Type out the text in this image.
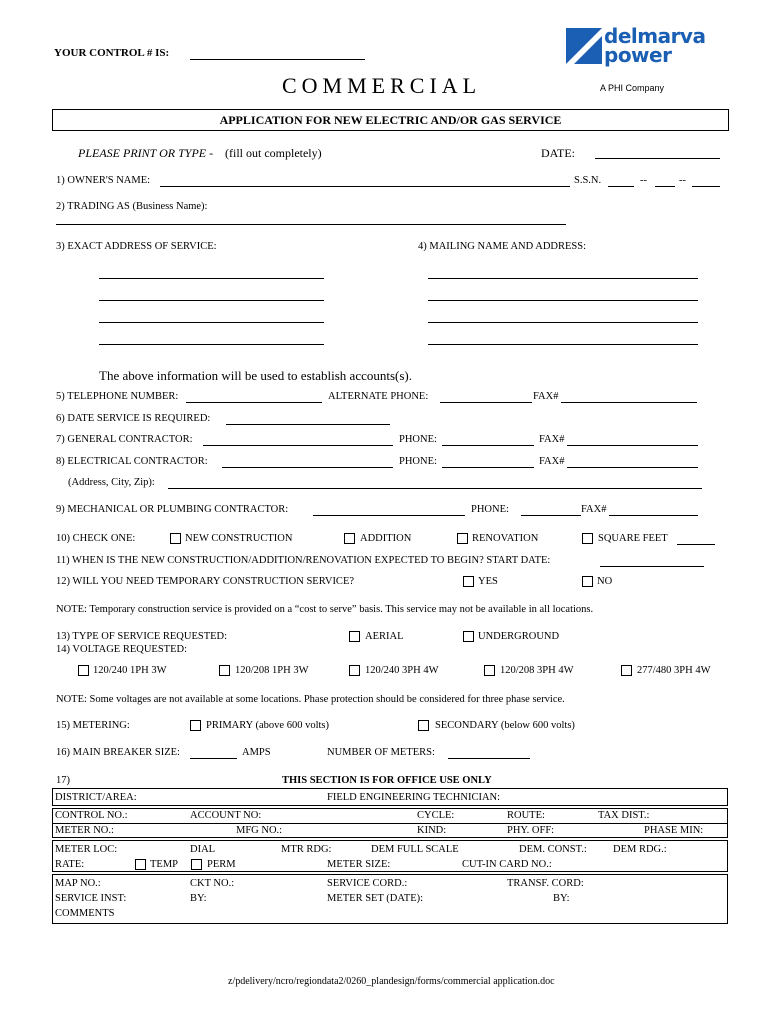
YOUR CONTROL # IS:
COMMERCIAL
delmarva
power
A PHI Company
APPLICATION FOR NEW ELECTRIC AND/OR GAS SERVICE
PLEASE PRINT OR TYPE - (fill out completely)	DATE:
1) OWNER'S NAME:	S.S.N.	--	--
2) TRADING AS (Business Name):
3) EXACT ADDRESS OF SERVICE:	4) MAILING NAME AND ADDRESS:
The above information will be used to establish accounts(s).
5) TELEPHONE NUMBER:	ALTERNATE PHONE:	FAX#
6) DATE SERVICE IS REQUIRED:
7) GENERAL CONTRACTOR:	PHONE:	FAX#
8) ELECTRICAL CONTRACTOR:	PHONE:	FAX#
(Address, City, Zip):
9) MECHANICAL OR PLUMBING CONTRACTOR:	PHONE:	FAX#
10) CHECK ONE:	NEW CONSTRUCTION	ADDITION	RENOVATION	SQUARE FEET
11) WHEN IS THE NEW CONSTRUCTION/ADDITION/RENOVATION EXPECTED TO BEGIN? START DATE:
12) WILL YOU NEED TEMPORARY CONSTRUCTION SERVICE?	YES	NO
NOTE: Temporary construction service is provided on a “cost to serve” basis. This service may not be available in all locations.
13) TYPE OF SERVICE REQUESTED:	AERIAL	UNDERGROUND
14) VOLTAGE REQUESTED:
120/240 1PH 3W	120/208 1PH 3W	120/240 3PH 4W	120/208 3PH 4W	277/480 3PH 4W
NOTE: Some voltages are not available at some locations. Phase protection should be considered for three phase service.
15) METERING:	PRIMARY (above 600 volts)	SECONDARY (below 600 volts)
16) MAIN BREAKER SIZE:	AMPS	NUMBER OF METERS:
17)	THIS SECTION IS FOR OFFICE USE ONLY
DISTRICT/AREA:	FIELD ENGINEERING TECHNICIAN:
CONTROL NO.:	ACCOUNT NO:	CYCLE:	ROUTE:	TAX DIST.:
METER NO.:	MFG NO.:	KIND:	PHY. OFF:	PHASE MIN:
METER LOC:	DIAL	MTR RDG:	DEM FULL SCALE	DEM. CONST.: DEM RDG.:
RATE:	TEMP	PERM	METER SIZE:	CUT-IN CARD NO.:
MAP NO.:	CKT NO.:	SERVICE CORD.:	TRANSF. CORD:
SERVICE INST:	BY:	METER SET (DATE):	BY:
COMMENTS
z/pdelivery/ncro/regiondata2/0260_plandesign/forms/commercial application.doc
